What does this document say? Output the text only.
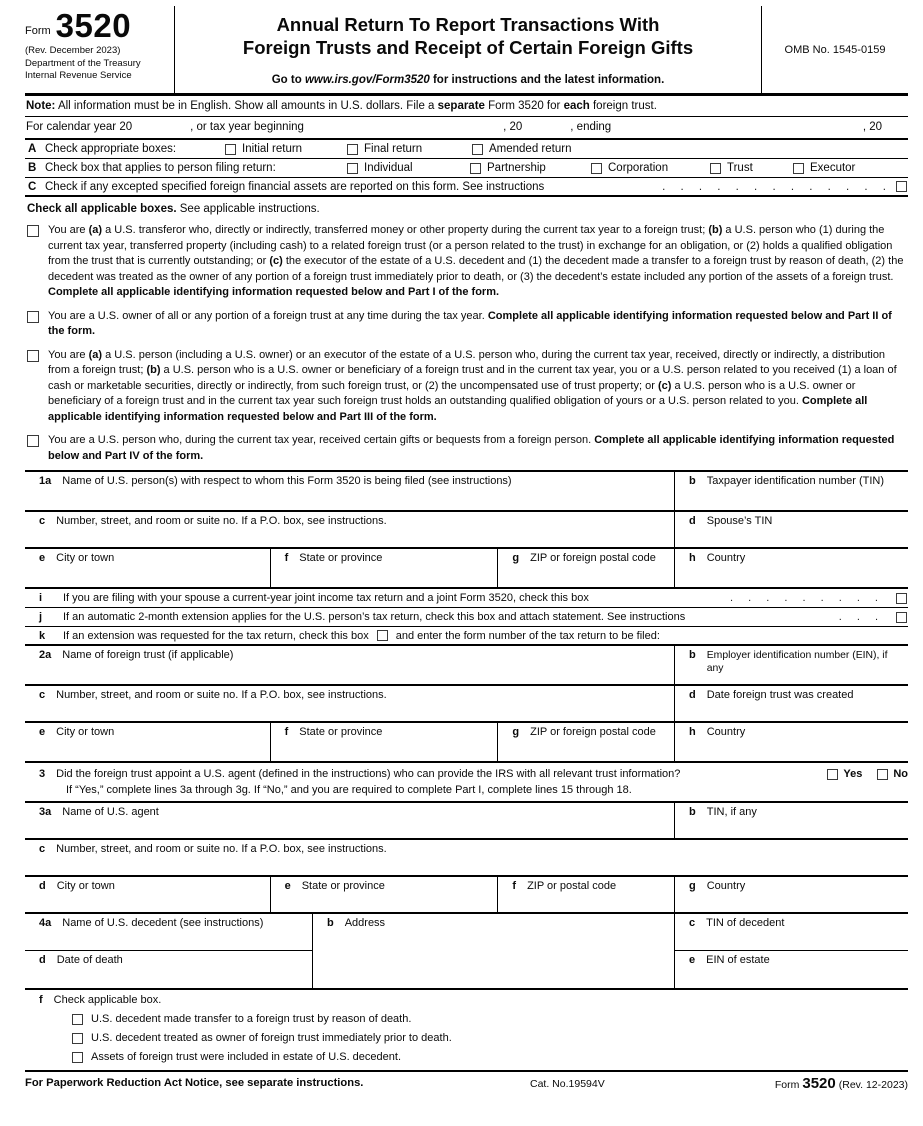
Form 3520
(Rev. December 2023)
Department of the Treasury
Internal Revenue Service
Annual Return To Report Transactions With
Foreign Trusts and Receipt of Certain Foreign Gifts
Go to www.irs.gov/Form3520 for instructions and the latest information.
OMB No. 1545-0159
Note: All information must be in English. Show all amounts in U.S. dollars. File a separate Form 3520 for each foreign trust.
For calendar year 20	, or tax year beginning	, 20	, ending	, 20
A Check appropriate boxes:	Initial return	Final return	Amended return
B Check box that applies to person filing return:	Individual	Partnership	Corporation	Trust	Executor
C Check if any excepted specified foreign financial assets are reported on this form. See instructions	. . . . . . . . . . . . .
Check all applicable boxes. See applicable instructions.
You are (a) a U.S. transferor who, directly or indirectly, transferred money or other property during the current tax year to a foreign trust; (b) a U.S. person who (1) during the current tax year, transferred property (including cash) to a related foreign trust (or a person related to the trust) in exchange for an obligation, or (2) holds a qualified obligation from the trust that is currently outstanding; or (c) the executor of the estate of a U.S. decedent and (1) the decedent made a transfer to a foreign trust by reason of death, (2) the decedent was treated as the owner of any portion of a foreign trust immediately prior to death, or (3) the decedent’s estate included any portion of the assets of a foreign trust. Complete all applicable identifying information requested below and Part I of the form.
You are a U.S. owner of all or any portion of a foreign trust at any time during the tax year. Complete all applicable identifying information requested below and Part II of the form.
You are (a) a U.S. person (including a U.S. owner) or an executor of the estate of a U.S. person who, during the current tax year, received, directly or indirectly, a distribution from a foreign trust; (b) a U.S. person who is a U.S. owner or beneficiary of a foreign trust and in the current tax year, you or a U.S. person related to you received (1) a loan of cash or marketable securities, directly or indirectly, from such foreign trust, or (2) the uncompensated use of trust property; or (c) a U.S. person who is a U.S. owner or beneficiary of a foreign trust and in the current tax year such foreign trust holds an outstanding qualified obligation of yours or a U.S. person related to you. Complete all applicable identifying information requested below and Part III of the form.
You are a U.S. person who, during the current tax year, received certain gifts or bequests from a foreign person. Complete all applicable identifying information requested below and Part IV of the form.
1a Name of U.S. person(s) with respect to whom this Form 3520 is being filed (see instructions)	b Taxpayer identification number (TIN)
c Number, street, and room or suite no. If a P.O. box, see instructions.	d Spouse’s TIN
e City or town	f State or province	g ZIP or foreign postal code	h Country
i	If you are filing with your spouse a current-year joint income tax return and a joint Form 3520, check this box	. . . . . . . . .
j	If an automatic 2-month extension applies for the U.S. person’s tax return, check this box and attach statement. See instructions	. . .
k	If an extension was requested for the tax return, check this box and enter the form number of the tax return to be filed:
2a Name of foreign trust (if applicable)	b Employer identification number (EIN), if any
c Number, street, and room or suite no. If a P.O. box, see instructions.	d Date foreign trust was created
e City or town	f State or province	g ZIP or foreign postal code	h Country
3 Did the foreign trust appoint a U.S. agent (defined in the instructions) who can provide the IRS with all relevant trust information?
If “Yes,” complete lines 3a through 3g. If “No,” and you are required to complete Part I, complete lines 15 through 18.
Yes	No
3a Name of U.S. agent	b TIN, if any
c Number, street, and room or suite no. If a P.O. box, see instructions.
d City or town	e State or province	f ZIP or postal code	g Country
4a Name of U.S. decedent (see instructions)
d Date of death
b Address	c TIN of decedent
e EIN of estate
f Check applicable box.
U.S. decedent made transfer to a foreign trust by reason of death.
U.S. decedent treated as owner of foreign trust immediately prior to death.
Assets of foreign trust were included in estate of U.S. decedent.
For Paperwork Reduction Act Notice, see separate instructions.	Cat. No.19594V	Form 3520 (Rev. 12-2023)
